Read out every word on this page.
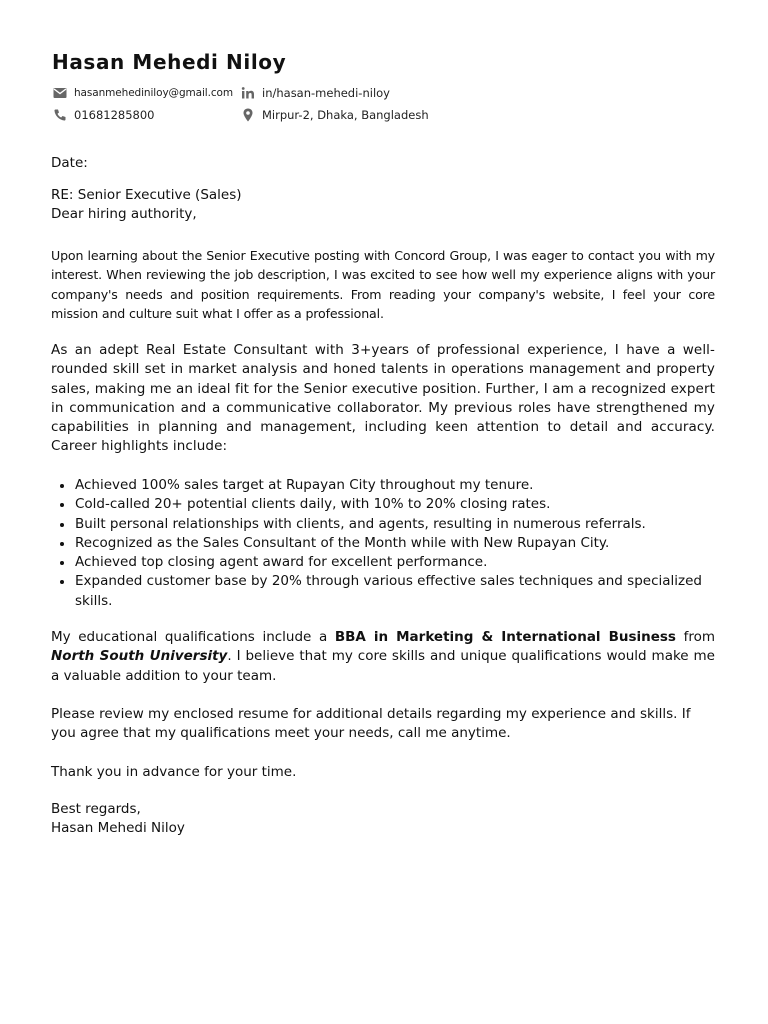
Hasan Mehedi Niloy
hasanmehediniloy@gmail.com
01681285800
in/hasan-mehedi-niloy
Mirpur-2, Dhaka, Bangladesh

Date:

RE: Senior Executive (Sales)

Dear hiring authority,

Upon learning about the Senior Executive posting with Concord Group, I was eager to contact you with my interest. When reviewing the job description, I was excited to see how well my experience aligns with your company's needs and position requirements. From reading your company's website, I feel your core mission and culture suit what I offer as a professional.

As an adept Real Estate Consultant with 3+years of professional experience, I have a well-rounded skill set in market analysis and honed talents in operations management and property sales, making me an ideal fit for the Senior executive position. Further, I am a recognized expert in communication and a communicative collaborator. My previous roles have strengthened my capabilities in planning and management, including keen attention to detail and accuracy. Career highlights include:

Achieved 100% sales target at Rupayan City throughout my tenure.
Cold-called 20+ potential clients daily, with 10% to 20% closing rates.
Built personal relationships with clients, and agents, resulting in numerous referrals.
Recognized as the Sales Consultant of the Month while with New Rupayan City.
Achieved top closing agent award for excellent performance.
Expanded customer base by 20% through various effective sales techniques and specialized skills.

My educational qualifications include a BBA in Marketing & International Business from North South University. I believe that my core skills and unique qualifications would make me a valuable addition to your team.

Please review my enclosed resume for additional details regarding my experience and skills. If you agree that my qualifications meet your needs, call me anytime.

Thank you in advance for your time.

Best regards,

Hasan Mehedi Niloy
